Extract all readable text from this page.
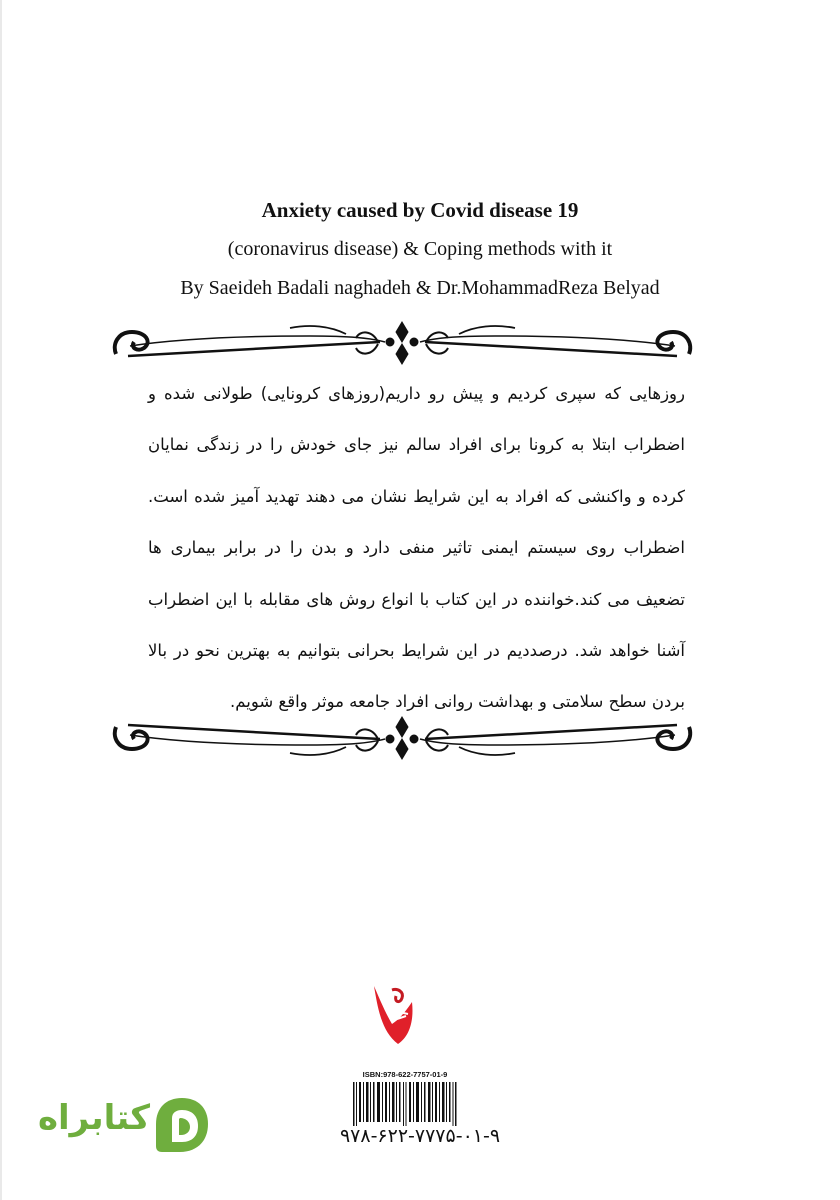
Anxiety caused by Covid disease 19
(coronavirus disease) & Coping methods with it
By Saeideh Badali naghadeh & Dr.MohammadReza Belyad
روزهایی که سپری کردیم و پیش رو داریم(روزهای کرونایی) طولانی شده و اضطراب ابتلا به کرونا برای افراد سالم نیز جای خودش را در زندگی نمایان کرده و واکنشی که افراد به این شرایط نشان می دهند تهدید آمیز شده است. اضطراب روی سیستم ایمنی تاثیر منفی دارد و بدن را در برابر بیماری ها تضعیف می کند.خواننده در این کتاب با انواع روش های مقابله با این اضطراب آشنا خواهد شد. درصددیم در این شرایط بحرانی بتوانیم به بهترین نحو در بالا بردن سطح سلامتی و بهداشت روانی افراد جامعه موثر واقع شویم.
ISBN:978-622-7757-01-9
۹۷۸-۶۲۲-۷۷۷۵-۰۱-۹
کتابراه
